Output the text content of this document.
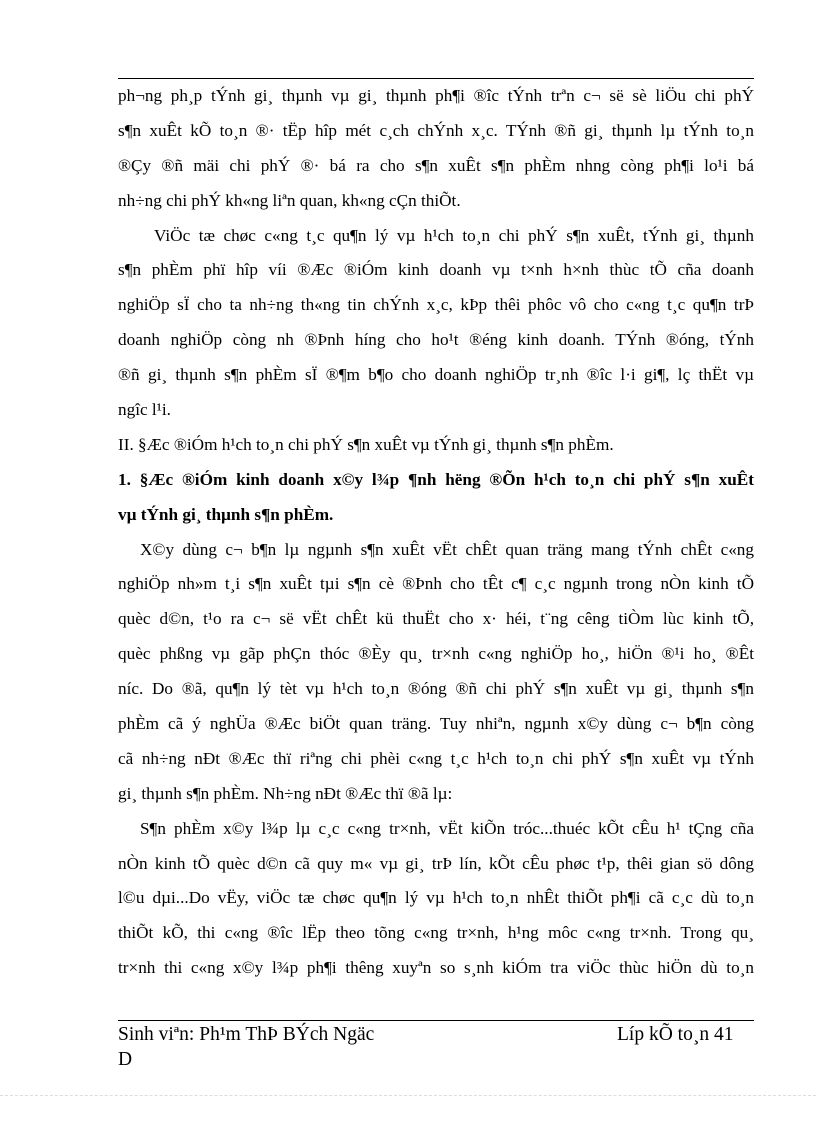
ph¬ng ph¸p tÝnh gi¸ thµnh vµ gi¸ thµnh ph¶i ®îc tÝnh trªn c¬ së sè liÖu chi phÝ
s¶n xuÊt kÕ to¸n ®· tËp hîp mét c¸ch chÝnh x¸c. TÝnh ®ñ gi¸ thµnh lµ tÝnh to¸n
®Çy ®ñ mäi chi phÝ ®· bá ra cho s¶n xuÊt s¶n phÈm nhng còng ph¶i lo¹i bá
nh÷ng chi phÝ kh«ng liªn quan, kh«ng cÇn thiÕt.
ViÖc tæ chøc c«ng t¸c qu¶n lý vµ h¹ch to¸n chi phÝ s¶n xuÊt, tÝnh gi¸ thµnh
s¶n phÈm phï hîp víi ®Æc ®iÓm kinh doanh vµ t×nh h×nh thùc tÕ cña doanh
nghiÖp sÏ cho ta nh÷ng th«ng tin chÝnh x¸c, kÞp thêi phôc vô cho c«ng t¸c qu¶n trÞ
doanh nghiÖp còng nh ®Þnh híng cho ho¹t ®éng kinh doanh. TÝnh ®óng, tÝnh
®ñ gi¸ thµnh s¶n phÈm sÏ ®¶m b¶o cho doanh nghiÖp tr¸nh ®îc l·i gi¶, lç thËt vµ
ngîc l¹i.
II. §Æc ®iÓm h¹ch to¸n chi phÝ s¶n xuÊt vµ tÝnh gi¸ thµnh s¶n phÈm.
1. §Æc ®iÓm kinh doanh x©y l¾p ¶nh hëng ®Õn h¹ch to¸n chi phÝ s¶n xuÊt
vµ tÝnh gi¸ thµnh s¶n phÈm.
X©y dùng c¬ b¶n lµ ngµnh s¶n xuÊt vËt chÊt quan träng mang tÝnh chÊt c«ng
nghiÖp nh»m t¸i s¶n xuÊt tµi s¶n cè ®Þnh cho tÊt c¶ c¸c ngµnh trong nÒn kinh tÕ
quèc d©n, t¹o ra c¬ së vËt chÊt kü thuËt cho x· héi, t¨ng cêng tiÒm lùc kinh tÕ,
quèc phßng vµ gãp phÇn thóc ®Èy qu¸ tr×nh c«ng nghiÖp ho¸, hiÖn ®¹i ho¸ ®Êt
níc. Do ®ã, qu¶n lý tèt vµ h¹ch to¸n ®óng ®ñ chi phÝ s¶n xuÊt vµ gi¸ thµnh s¶n
phÈm cã ý nghÜa ®Æc biÖt quan träng. Tuy nhiªn, ngµnh x©y dùng c¬ b¶n còng
cã nh÷ng nÐt ®Æc thï riªng chi phèi c«ng t¸c h¹ch to¸n chi phÝ s¶n xuÊt vµ tÝnh
gi¸ thµnh s¶n phÈm. Nh÷ng nÐt ®Æc thï ®ã lµ:
S¶n phÈm x©y l¾p lµ c¸c c«ng tr×nh, vËt kiÕn tróc...thuéc kÕt cÊu h¹ tÇng cña
nÒn kinh tÕ quèc d©n cã quy m« vµ gi¸ trÞ lín, kÕt cÊu phøc t¹p, thêi gian sö dông
l©u dµi...Do vËy, viÖc tæ chøc qu¶n lý vµ h¹ch to¸n nhÊt thiÕt ph¶i cã c¸c dù to¸n
thiÕt kÕ, thi c«ng ®îc lËp theo tõng c«ng tr×nh, h¹ng môc c«ng tr×nh. Trong qu¸
tr×nh thi c«ng x©y l¾p ph¶i thêng xuyªn so s¸nh kiÓm tra viÖc thùc hiÖn dù to¸n
Sinh viªn: Ph¹m ThÞ BÝch Ngäc
D
Líp kÕ to¸n 41
